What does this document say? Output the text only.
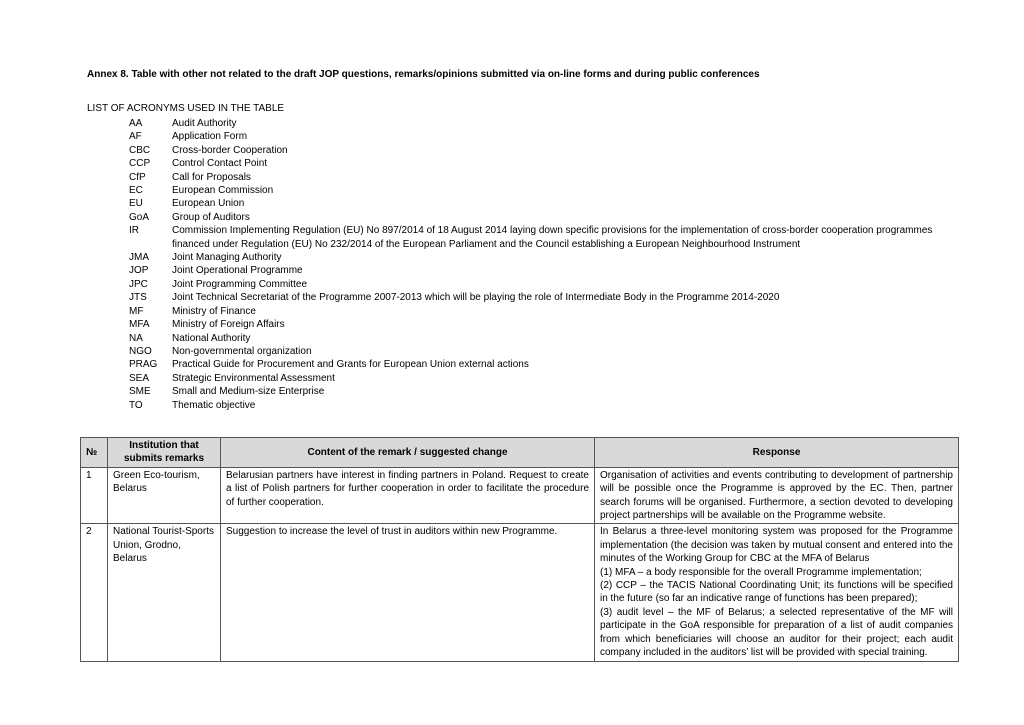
Annex 8. Table with other not related to the draft JOP questions, remarks/opinions submitted via on-line forms and during public conferences
LIST OF ACRONYMS USED IN THE TABLE
AA	Audit Authority
AF	Application Form
CBC	Cross-border Cooperation
CCP	Control Contact Point
CfP	Call for Proposals
EC	European Commission
EU	European Union
GoA	Group of Auditors
IR	Commission Implementing Regulation (EU) No 897/2014 of 18 August 2014 laying down specific provisions for the implementation of cross-border cooperation programmes financed under Regulation (EU) No 232/2014 of the European Parliament and the Council establishing a European Neighbourhood Instrument
JMA	Joint Managing Authority
JOP	Joint Operational Programme
JPC	Joint Programming Committee
JTS	Joint Technical Secretariat of the Programme 2007-2013 which will be playing the role of Intermediate Body in the Programme 2014-2020
MF	Ministry of Finance
MFA	Ministry of Foreign Affairs
NA	National Authority
NGO	Non-governmental organization
PRAG	Practical Guide for Procurement and Grants for European Union external actions
SEA	Strategic Environmental Assessment
SME	Small and Medium-size Enterprise
TO	Thematic objective
№	Institution that submits remarks	Content of the remark / suggested change	Response
1	Green Eco-tourism, Belarus	Belarusian partners have interest in finding partners in Poland. Request to create a list of Polish partners for further cooperation in order to facilitate the procedure of further cooperation.	Organisation of activities and events contributing to development of partnership will be possible once the Programme is approved by the EC. Then, partner search forums will be organised. Furthermore, a section devoted to developing project partnerships will be available on the Programme website.

2	National Tourist-Sports Union, Grodno, Belarus	Suggestion to increase the level of trust in auditors within new Programme.	In Belarus a three-level monitoring system was proposed for the Programme implementation (the decision was taken by mutual consent and entered into the minutes of the Working Group for CBC at the MFA of Belarus
(1) MFA – a body responsible for the overall Programme implementation;
(2) CCP – the TACIS National Coordinating Unit; its functions will be specified in the future (so far an indicative range of functions has been prepared);
(3) audit level – the MF of Belarus; a selected representative of the MF will participate in the GoA responsible for preparation of a list of audit companies from which beneficiaries will choose an auditor for their project; each audit company included in the auditors’ list will be provided with special training.
